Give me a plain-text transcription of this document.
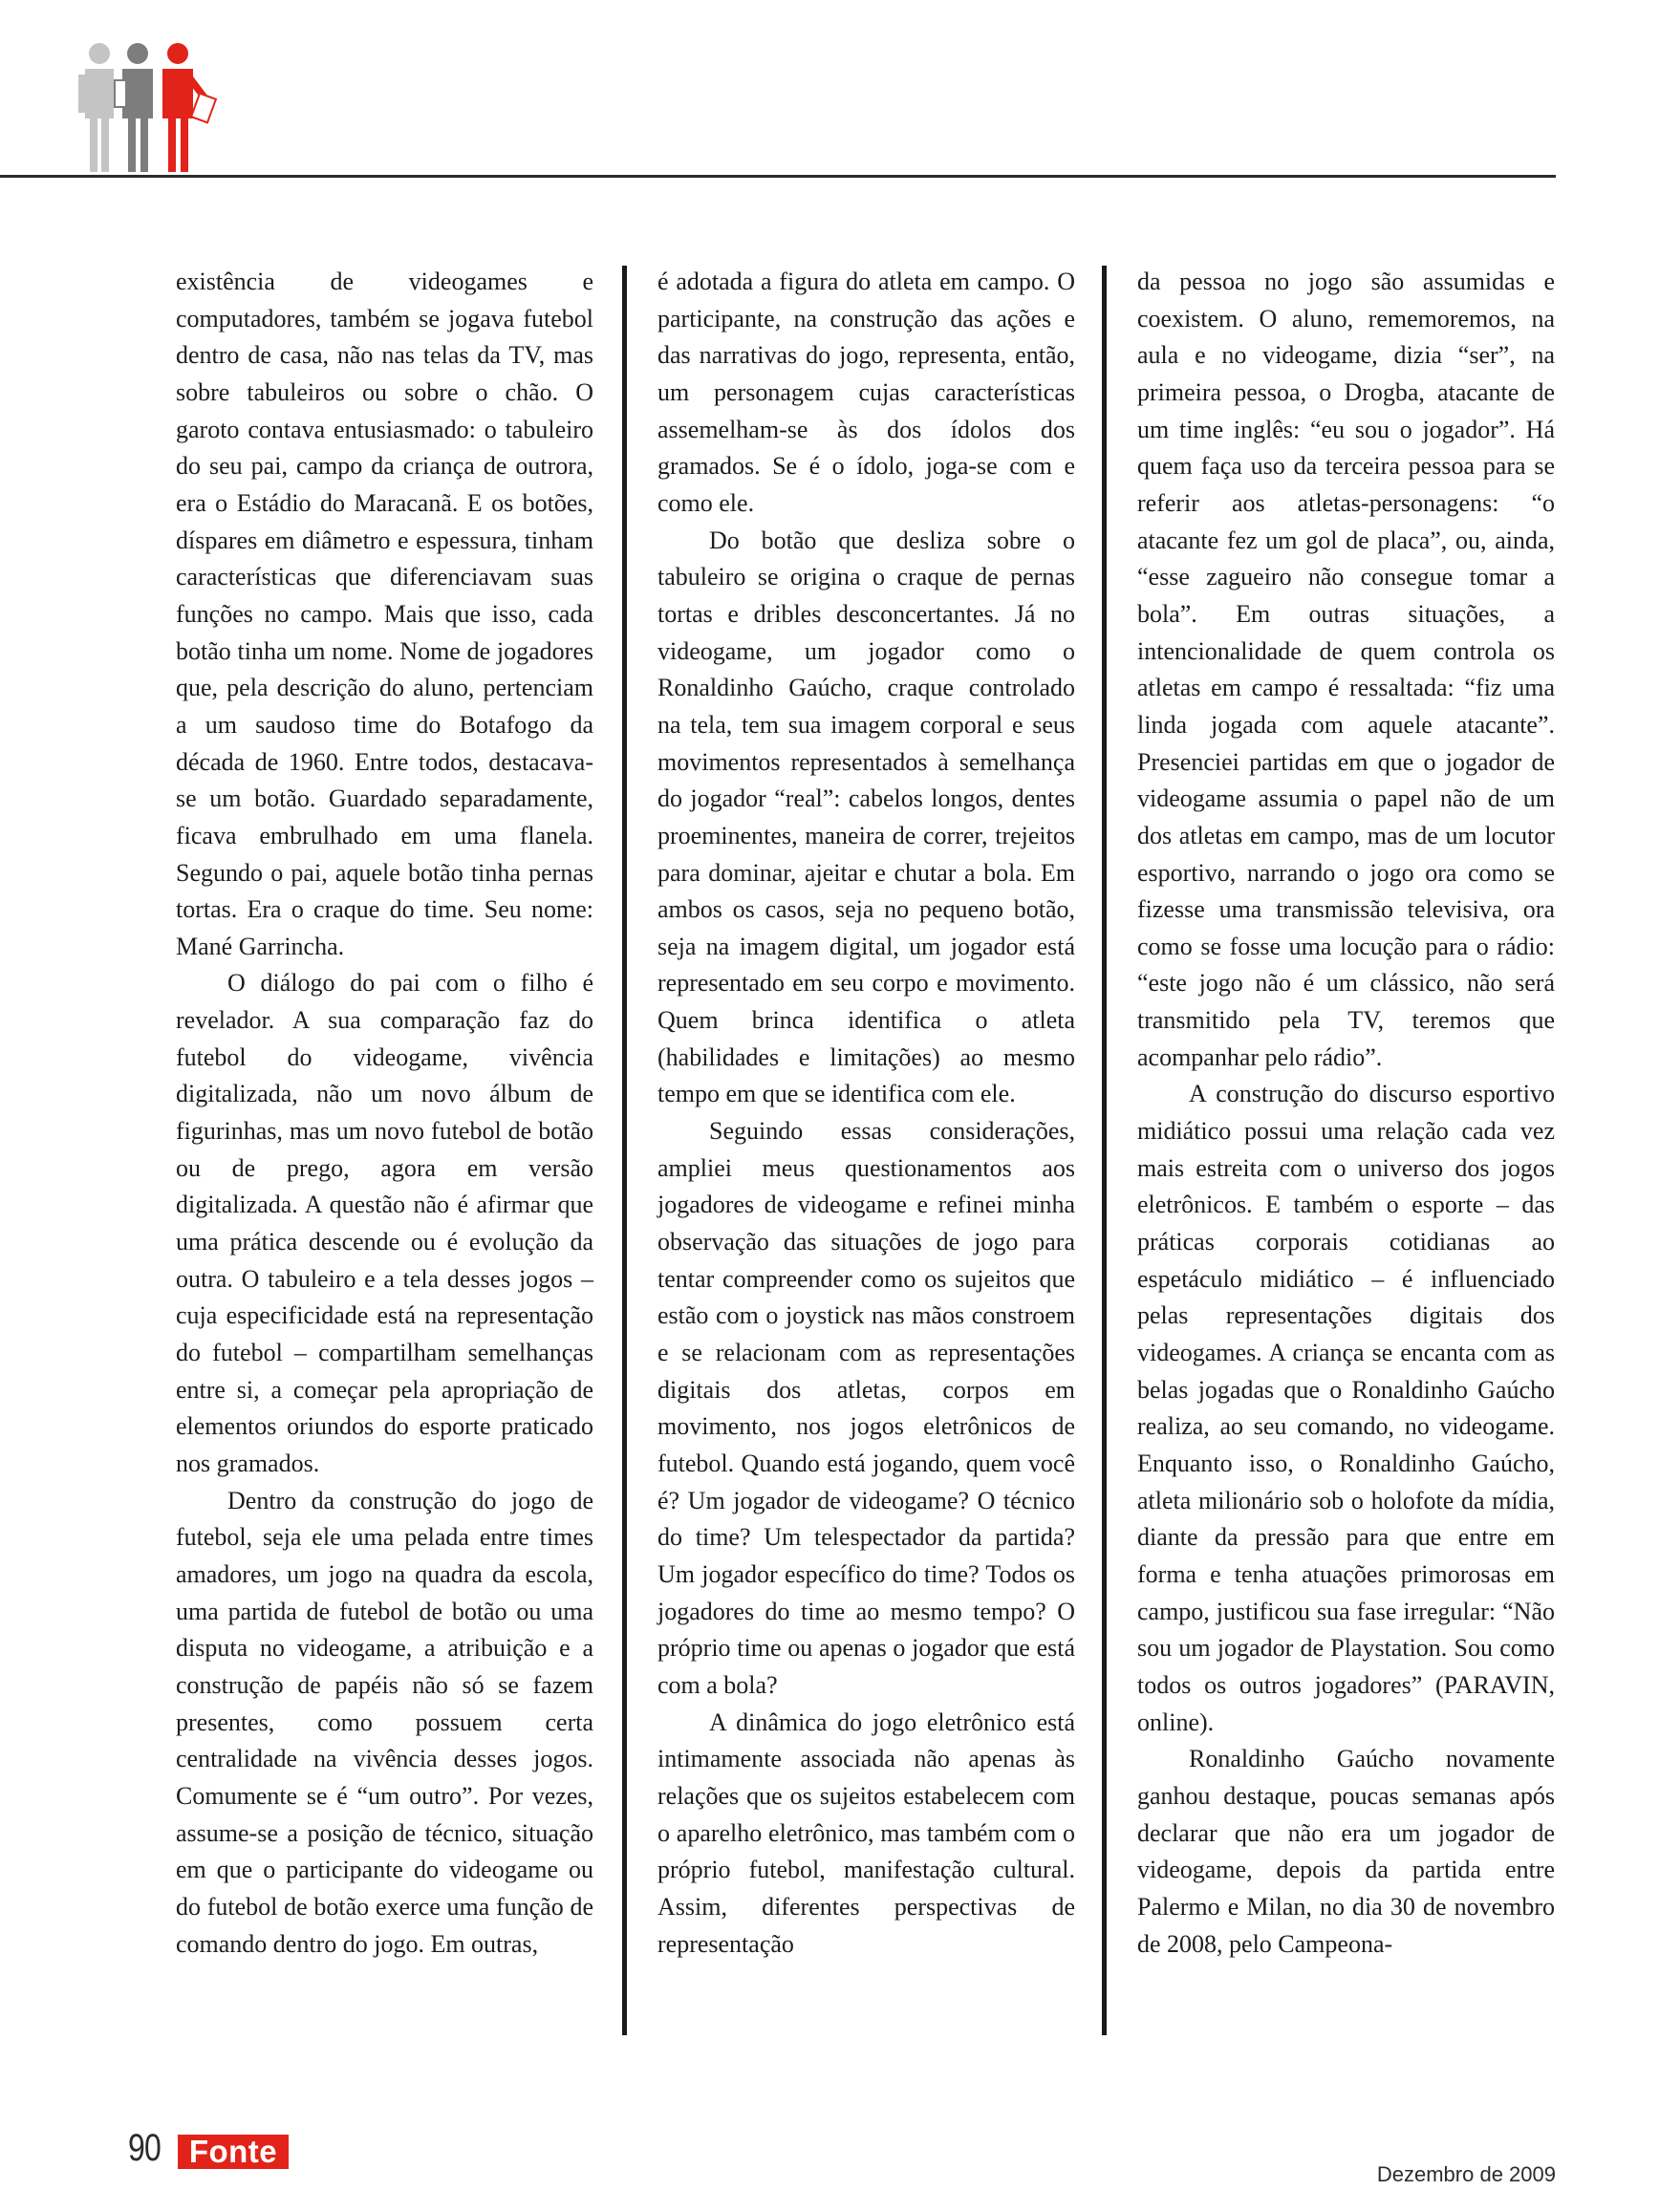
existência de videogames e computadores, também se jogava futebol dentro de casa, não nas telas da TV, mas sobre tabuleiros ou sobre o chão. O garoto contava entusiasmado: o tabuleiro do seu pai, campo da criança de outrora, era o Estádio do Maracanã. E os botões, díspares em diâmetro e espessura, tinham características que diferenciavam suas funções no campo. Mais que isso, cada botão tinha um nome. Nome de jogadores que, pela descrição do aluno, pertenciam a um saudoso time do Botafogo da década de 1960. Entre todos, destacava-se um botão. Guardado separadamente, ficava embrulhado em uma flanela. Segundo o pai, aquele botão tinha pernas tortas. Era o craque do time. Seu nome: Mané Garrincha.

O diálogo do pai com o filho é revelador. A sua comparação faz do futebol do videogame, vivência digitalizada, não um novo álbum de figurinhas, mas um novo futebol de botão ou de prego, agora em versão digitalizada. A questão não é afirmar que uma prática descende ou é evolução da outra. O tabuleiro e a tela desses jogos – cuja especificidade está na representação do futebol – compartilham semelhanças entre si, a começar pela apropriação de elementos oriundos do esporte praticado nos gramados.

Dentro da construção do jogo de futebol, seja ele uma pelada entre times amadores, um jogo na quadra da escola, uma partida de futebol de botão ou uma disputa no videogame, a atribuição e a construção de papéis não só se fazem presentes, como possuem certa centralidade na vivência desses jogos. Comumente se é “um outro”. Por vezes, assume-se a posição de técnico, situação em que o participante do videogame ou do futebol de botão exerce uma função de comando dentro do jogo. Em outras,

é adotada a figura do atleta em campo. O participante, na construção das ações e das narrativas do jogo, representa, então, um personagem cujas características assemelham-se às dos ídolos dos gramados. Se é o ídolo, joga-se com e como ele.

Do botão que desliza sobre o tabuleiro se origina o craque de pernas tortas e dribles desconcertantes. Já no videogame, um jogador como o Ronaldinho Gaúcho, craque controlado na tela, tem sua imagem corporal e seus movimentos representados à semelhança do jogador “real”: cabelos longos, dentes proeminentes, maneira de correr, trejeitos para dominar, ajeitar e chutar a bola. Em ambos os casos, seja no pequeno botão, seja na imagem digital, um jogador está representado em seu corpo e movimento. Quem brinca identifica o atleta (habilidades e limitações) ao mesmo tempo em que se identifica com ele.

Seguindo essas considerações, ampliei meus questionamentos aos jogadores de videogame e refinei minha observação das situações de jogo para tentar compreender como os sujeitos que estão com o joystick nas mãos constroem e se relacionam com as representações digitais dos atletas, corpos em movimento, nos jogos eletrônicos de futebol. Quando está jogando, quem você é? Um jogador de videogame? O técnico do time? Um telespectador da partida? Um jogador específico do time? Todos os jogadores do time ao mesmo tempo? O próprio time ou apenas o jogador que está com a bola?

A dinâmica do jogo eletrônico está intimamente associada não apenas às relações que os sujeitos estabelecem com o aparelho eletrônico, mas também com o próprio futebol, manifestação cultural. Assim, diferentes perspectivas de representação

da pessoa no jogo são assumidas e coexistem. O aluno, rememoremos, na aula e no videogame, dizia “ser”, na primeira pessoa, o Drogba, atacante de um time inglês: “eu sou o jogador”. Há quem faça uso da terceira pessoa para se referir aos atletas-personagens: “o atacante fez um gol de placa”, ou, ainda, “esse zagueiro não consegue tomar a bola”. Em outras situações, a intencionalidade de quem controla os atletas em campo é ressaltada: “fiz uma linda jogada com aquele atacante”. Presenciei partidas em que o jogador de videogame assumia o papel não de um dos atletas em campo, mas de um locutor esportivo, narrando o jogo ora como se fizesse uma transmissão televisiva, ora como se fosse uma locução para o rádio: “este jogo não é um clássico, não será transmitido pela TV, teremos que acompanhar pelo rádio”.

A construção do discurso esportivo midiático possui uma relação cada vez mais estreita com o universo dos jogos eletrônicos. E também o esporte – das práticas corporais cotidianas ao espetáculo midiático – é influenciado pelas representações digitais dos videogames. A criança se encanta com as belas jogadas que o Ronaldinho Gaúcho realiza, ao seu comando, no videogame. Enquanto isso, o Ronaldinho Gaúcho, atleta milionário sob o holofote da mídia, diante da pressão para que entre em forma e tenha atuações primorosas em campo, justificou sua fase irregular: “Não sou um jogador de Playstation. Sou como todos os outros jogadores” (PARAVIN, online).

Ronaldinho Gaúcho novamente ganhou destaque, poucas semanas após declarar que não era um jogador de videogame, depois da partida entre Palermo e Milan, no dia 30 de novembro de 2008, pelo Campeona-

90 Fonte
Dezembro de 2009
